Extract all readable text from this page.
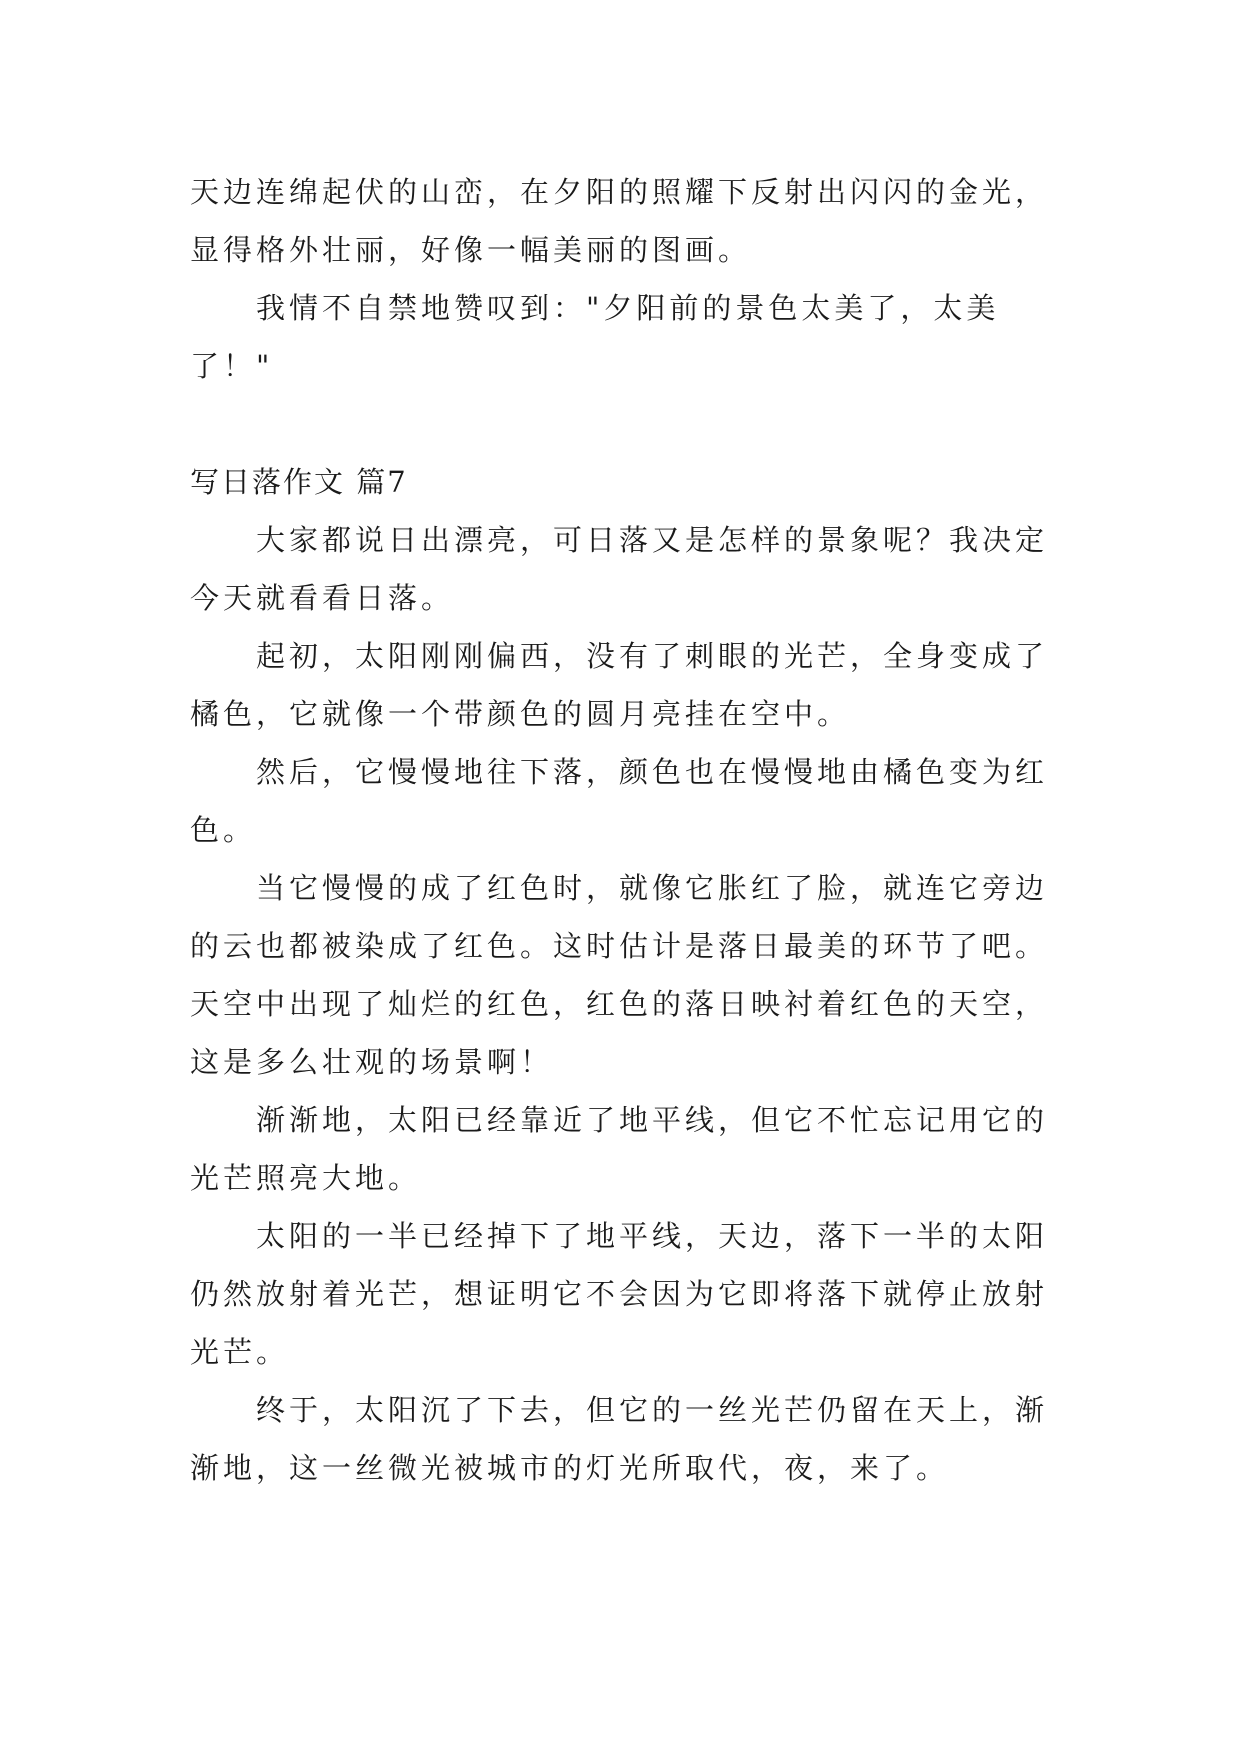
天边连绵起伏的山峦，在夕阳的照耀下反射出闪闪的金光，显得格外壮丽，好像一幅美丽的图画。

我情不自禁地赞叹到："夕阳前的景色太美了，太美了！"

写日落作文 篇7

大家都说日出漂亮，可日落又是怎样的景象呢？我决定今天就看看日落。

起初，太阳刚刚偏西，没有了刺眼的光芒，全身变成了橘色，它就像一个带颜色的圆月亮挂在空中。

然后，它慢慢地往下落，颜色也在慢慢地由橘色变为红色。

当它慢慢的成了红色时，就像它胀红了脸，就连它旁边的云也都被染成了红色。这时估计是落日最美的环节了吧。天空中出现了灿烂的红色，红色的落日映衬着红色的天空，这是多么壮观的场景啊！

渐渐地，太阳已经靠近了地平线，但它不忙忘记用它的光芒照亮大地。

太阳的一半已经掉下了地平线，天边，落下一半的太阳仍然放射着光芒，想证明它不会因为它即将落下就停止放射光芒。

终于，太阳沉了下去，但它的一丝光芒仍留在天上，渐渐地，这一丝微光被城市的灯光所取代，夜，来了。
